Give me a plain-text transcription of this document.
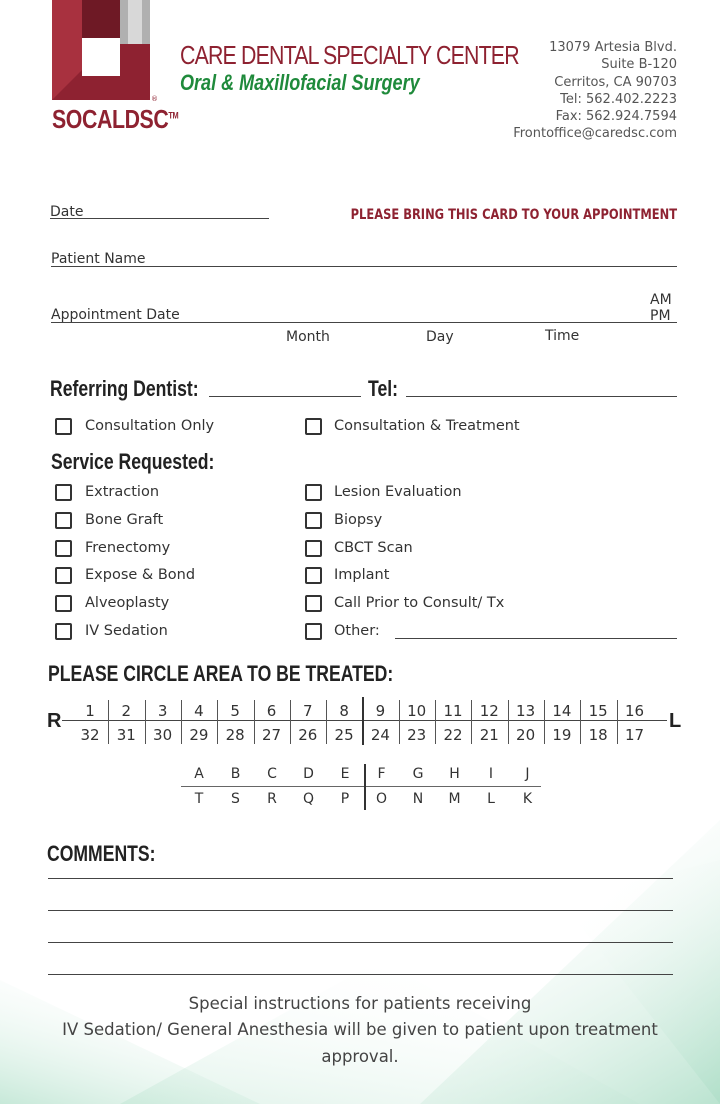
SOCALDSC™
®
CARE DENTAL SPECIALTY CENTER
Oral & Maxillofacial Surgery
13079 Artesia Blvd.
Suite B-120
Cerritos, CA 90703
Tel: 562.402.2223
Fax: 562.924.7594
Frontoffice@caredsc.com
Date	PLEASE BRING THIS CARD TO YOUR APPOINTMENT
Patient Name
Appointment Date
AM
PM
Month	Day	Time
Referring Dentist:	Tel:
Consultation Only	Consultation & Treatment
Service Requested:
Extraction
Bone Graft
Frenectomy
Expose & Bond
Alveoplasty
IV Sedation
Lesion Evaluation
Biopsy
CBCT Scan
Implant
Call Prior to Consult/ Tx
Other:
PLEASE CIRCLE AREA TO BE TREATED:
R	L
1	2	3	4	5	6	7	8	9	10	11	12	13	14	15	16
32	31	30	29	28	27	26	25	24	23	22	21	20	19	18	17
A	B	C	D	E	F	G	H	I	J
T	S	R	Q	P	O	N	M	L	K
COMMENTS:
Special instructions for patients receiving
IV Sedation/ General Anesthesia will be given to patient upon treatment
approval.
